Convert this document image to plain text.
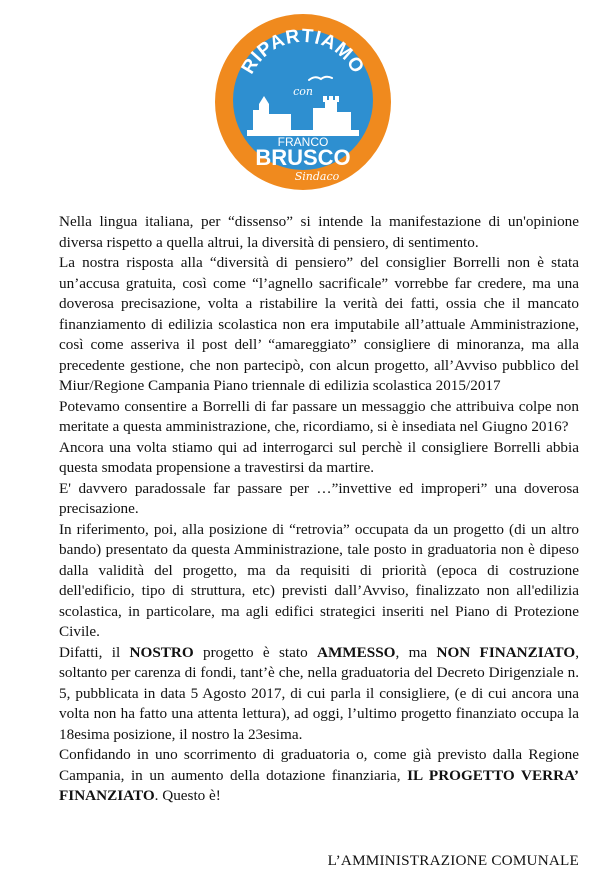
RIPARTIAMO
con
FRANCO
BRUSCO
Sindaco

Nella lingua italiana, per “dissenso” si intende la manifestazione di un'opinione diversa rispetto a quella altrui, la diversità di pensiero, di sentimento.

La nostra risposta alla “diversità di pensiero” del consiglier Borrelli non è stata un’accusa gratuita, così come “l’agnello sacrificale” vorrebbe far credere, ma una doverosa precisazione, volta a ristabilire la verità dei fatti, ossia che il mancato finanziamento di edilizia scolastica non era imputabile all’attuale Amministrazione, così come asseriva il post dell’ “amareggiato” consigliere di minoranza, ma alla precedente gestione, che non partecipò, con alcun progetto, all’Avviso pubblico del Miur/Regione Campania Piano triennale di edilizia scolastica 2015/2017

Potevamo consentire a Borrelli di far passare un messaggio che attribuiva colpe non meritate a questa amministrazione, che, ricordiamo, si è insediata nel Giugno 2016?

Ancora una volta stiamo qui ad interrogarci sul perchè il consigliere Borrelli abbia questa smodata propensione a travestirsi da martire.

E' davvero paradossale far passare per …”invettive ed improperi” una doverosa precisazione.

In riferimento, poi, alla posizione di “retrovia” occupata da un progetto (di un altro bando) presentato da questa Amministrazione, tale posto in graduatoria non è dipeso dalla validità del progetto, ma da requisiti di priorità (epoca di costruzione dell'edificio, tipo di struttura, etc) previsti dall’Avviso, finalizzato non all'edilizia scolastica, in particolare, ma agli edifici strategici inseriti nel Piano di Protezione Civile.

Difatti, il NOSTRO progetto è stato AMMESSO, ma NON FINANZIATO, soltanto per carenza di fondi, tant’è che, nella graduatoria del Decreto Dirigenziale n. 5, pubblicata in data 5 Agosto 2017, di cui parla il consigliere, (e di cui ancora una volta non ha fatto una attenta lettura), ad oggi, l’ultimo progetto finanziato occupa la 18esima posizione, il nostro la 23esima.

Confidando in uno scorrimento di graduatoria o, come già previsto dalla Regione Campania, in un aumento della dotazione finanziaria, IL PROGETTO VERRA’ FINANZIATO. Questo è!

L’AMMINISTRAZIONE COMUNALE
